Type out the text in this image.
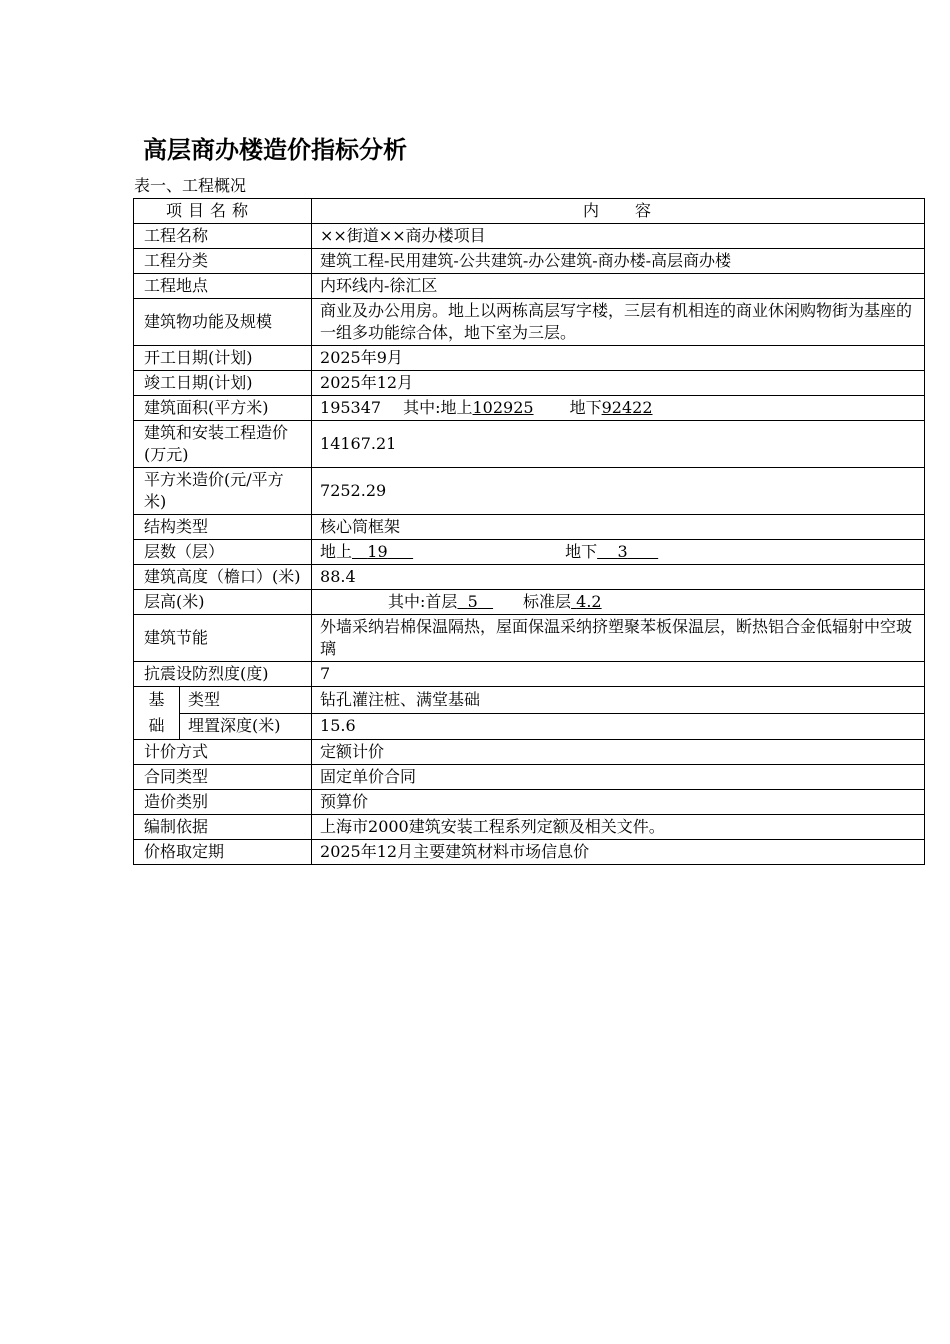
高层商办楼造价指标分析
表一、工程概况
项目名称		内 容
工程名称		××街道××商办楼项目
工程分类		建筑工程-民用建筑-公共建筑-办公建筑-商办楼-高层商办楼
工程地点		内环线内-徐汇区
建筑物功能及规模		商业及办公用房。地上以两栋高层写字楼，三层有机相连的商业休闲购物街为基座的一组多功能综合体，地下室为三层。
开工日期(计划)		2025年9月
竣工日期(计划)		2025年12月
建筑面积(平方米)		195347 其中:地上102925 地下92422
建筑和安装工程造价(万元)		14167.21
平方米造价(元/平方米)		7252.29
结构类型		核心筒框架
层数（层）		地上 19 地下 3
建筑高度（檐口）(米)		88.4
层高(米)		其中:首层 5 标准层 4.2
建筑节能		外墙采纳岩棉保温隔热，屋面保温采纳挤塑聚苯板保温层，断热铝合金低辐射中空玻璃
抗震设防烈度(度)		7

基
础	类型	钻孔灌注桩、满堂基础
	埋置深度(米)	15.6
计价方式		定额计价
合同类型		固定单价合同
造价类别		预算价
编制依据		上海市2000建筑安装工程系列定额及相关文件。
价格取定期		2025年12月主要建筑材料市场信息价
